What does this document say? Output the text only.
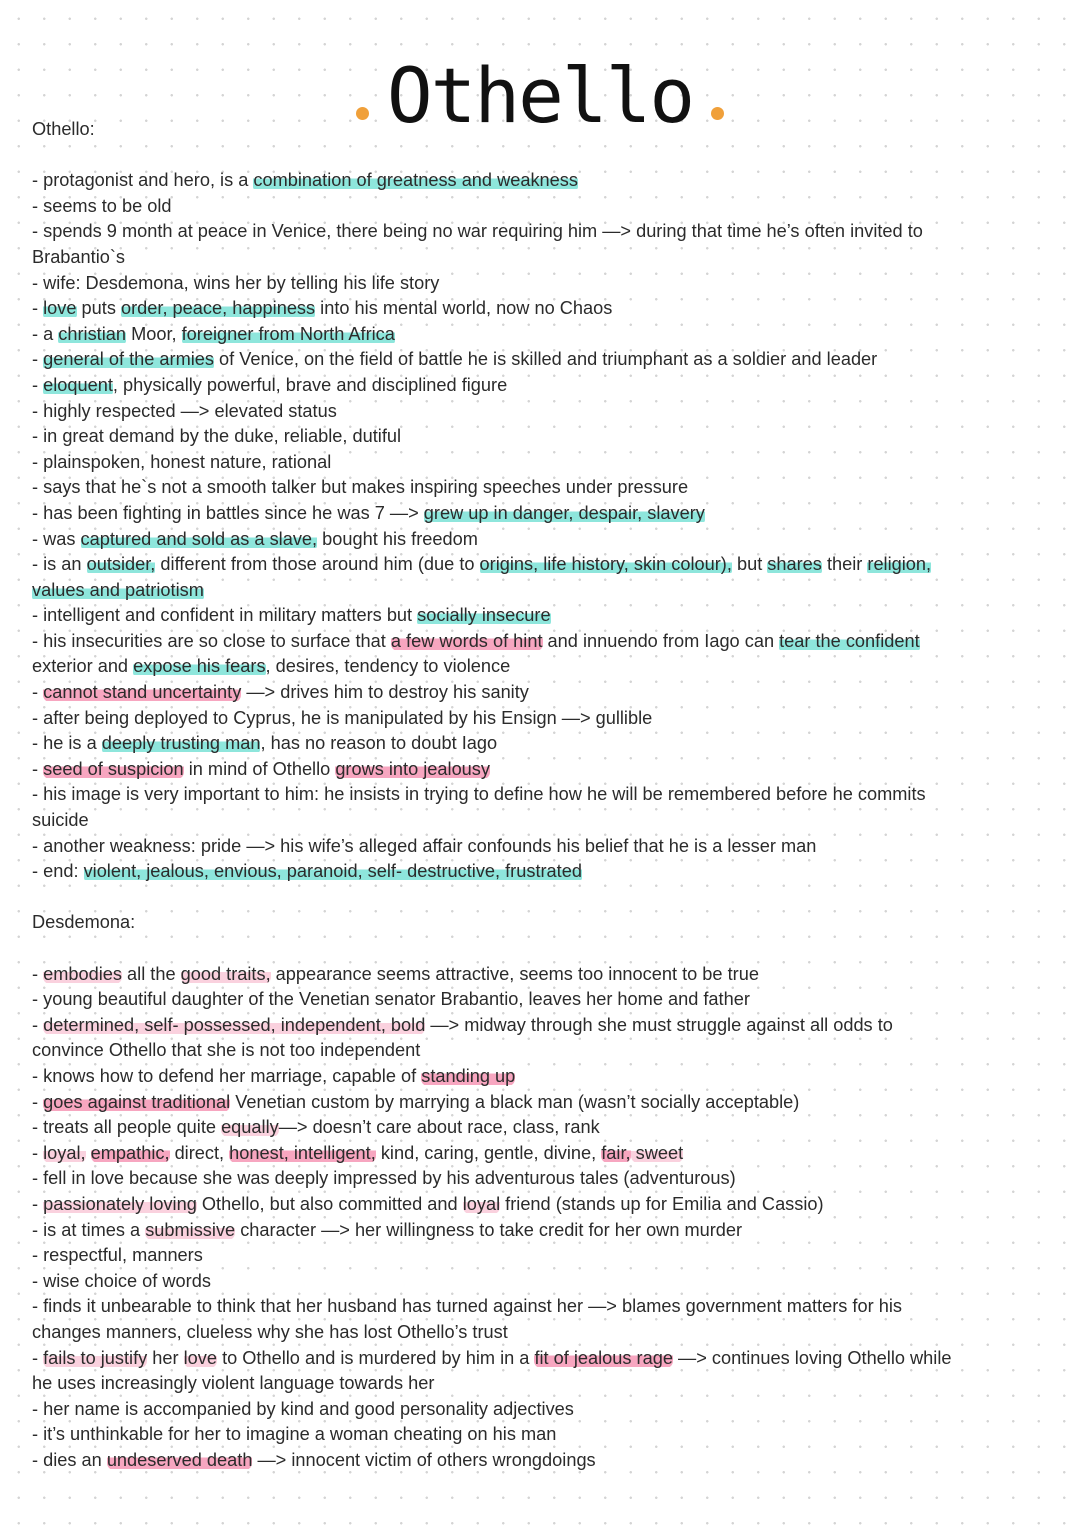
Othello
Othello:
- protagonist and hero, is a combination of greatness and weakness
- seems to be old
- spends 9 month at peace in Venice, there being no war requiring him —> during that time he’s often invited to
Brabantio`s
- wife: Desdemona, wins her by telling his life story
- love puts order, peace, happiness into his mental world, now no Chaos
- a christian Moor, foreigner from North Africa
- general of the armies of Venice, on the field of battle he is skilled and triumphant as a soldier and leader
- eloquent, physically powerful, brave and disciplined figure
- highly respected —> elevated status
- in great demand by the duke, reliable, dutiful
- plainspoken, honest nature, rational
- says that he`s not a smooth talker but makes inspiring speeches under pressure
- has been fighting in battles since he was 7 —> grew up in danger, despair, slavery
- was captured and sold as a slave, bought his freedom
- is an outsider, different from those around him (due to origins, life history, skin colour), but shares their religion,
values and patriotism
- intelligent and confident in military matters but socially insecure
- his insecurities are so close to surface that a few words of hint and innuendo from Iago can tear the confident
exterior and expose his fears, desires, tendency to violence
- cannot stand uncertainty —> drives him to destroy his sanity
- after being deployed to Cyprus, he is manipulated by his Ensign —> gullible
- he is a deeply trusting man, has no reason to doubt Iago
- seed of suspicion in mind of Othello grows into jealousy
- his image is very important to him: he insists in trying to define how he will be remembered before he commits
suicide
- another weakness: pride —> his wife’s alleged affair confounds his belief that he is a lesser man
- end: violent, jealous, envious, paranoid, self- destructive, frustrated
Desdemona:
- embodies all the good traits, appearance seems attractive, seems too innocent to be true
- young beautiful daughter of the Venetian senator Brabantio, leaves her home and father
- determined, self- possessed, independent, bold —> midway through she must struggle against all odds to
convince Othello that she is not too independent
- knows how to defend her marriage, capable of standing up
- goes against traditional Venetian custom by marrying a black man (wasn’t socially acceptable)
- treats all people quite equally—> doesn’t care about race, class, rank
- loyal, empathic, direct, honest, intelligent, kind, caring, gentle, divine, fair, sweet
- fell in love because she was deeply impressed by his adventurous tales (adventurous)
- passionately loving Othello, but also committed and loyal friend (stands up for Emilia and Cassio)
- is at times a submissive character —> her willingness to take credit for her own murder
- respectful, manners
- wise choice of words
- finds it unbearable to think that her husband has turned against her —> blames government matters for his
changes manners, clueless why she has lost Othello’s trust
- fails to justify her love to Othello and is murdered by him in a fit of jealous rage —> continues loving Othello while
he uses increasingly violent language towards her
- her name is accompanied by kind and good personality adjectives
- it’s unthinkable for her to imagine a woman cheating on his man
- dies an undeserved death —> innocent victim of others wrongdoings
